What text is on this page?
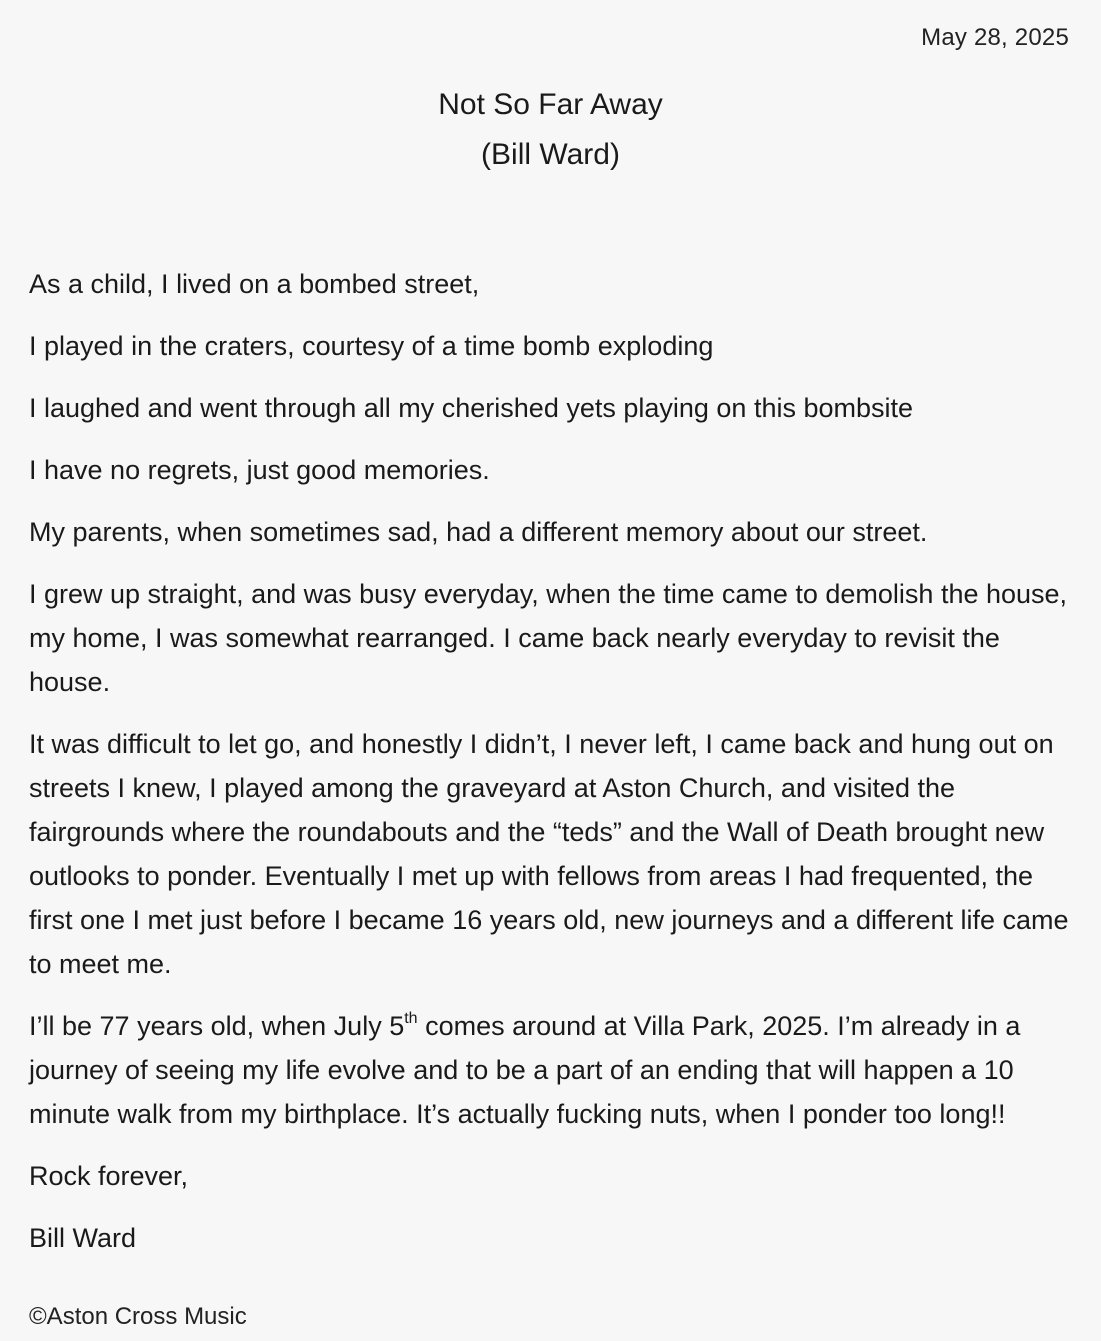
May 28, 2025
Not So Far Away
(Bill Ward)

As a child, I lived on a bombed street,

I played in the craters, courtesy of a time bomb exploding

I laughed and went through all my cherished yets playing on this bombsite

I have no regrets, just good memories.

My parents, when sometimes sad, had a different memory about our street.

I grew up straight, and was busy everyday, when the time came to demolish the house, my home, I was somewhat rearranged. I came back nearly everyday to revisit the house.

It was difficult to let go, and honestly I didn’t, I never left, I came back and hung out on streets I knew, I played among the graveyard at Aston Church, and visited the fairgrounds where the roundabouts and the “teds” and the Wall of Death brought new outlooks to ponder. Eventually I met up with fellows from areas I had frequented, the first one I met just before I became 16 years old, new journeys and a different life came to meet me.

I’ll be 77 years old, when July 5th comes around at Villa Park, 2025. I’m already in a journey of seeing my life evolve and to be a part of an ending that will happen a 10 minute walk from my birthplace. It’s actually fucking nuts, when I ponder too long!!

Rock forever,

Bill Ward

©Aston Cross Music
